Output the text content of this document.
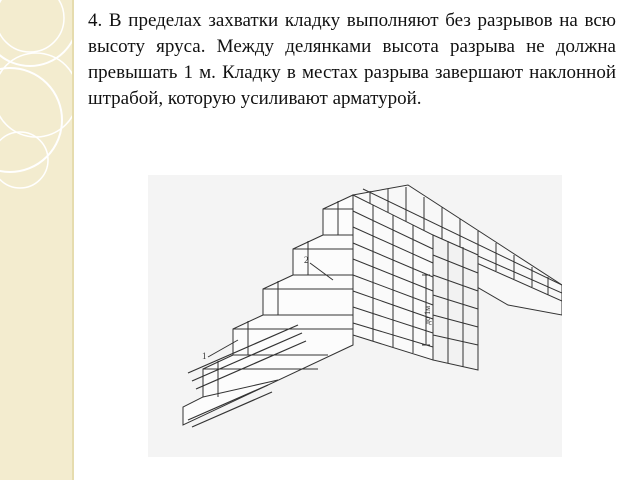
4. В пределах захватки кладку выполняют без разрывов на всю высоту яруса. Между делянками высота разрыва не должна превышать 1 м. Кладку в местах разрыва завершают наклонной штрабой, которую усиливают арматурой.

1
2
до 1м
